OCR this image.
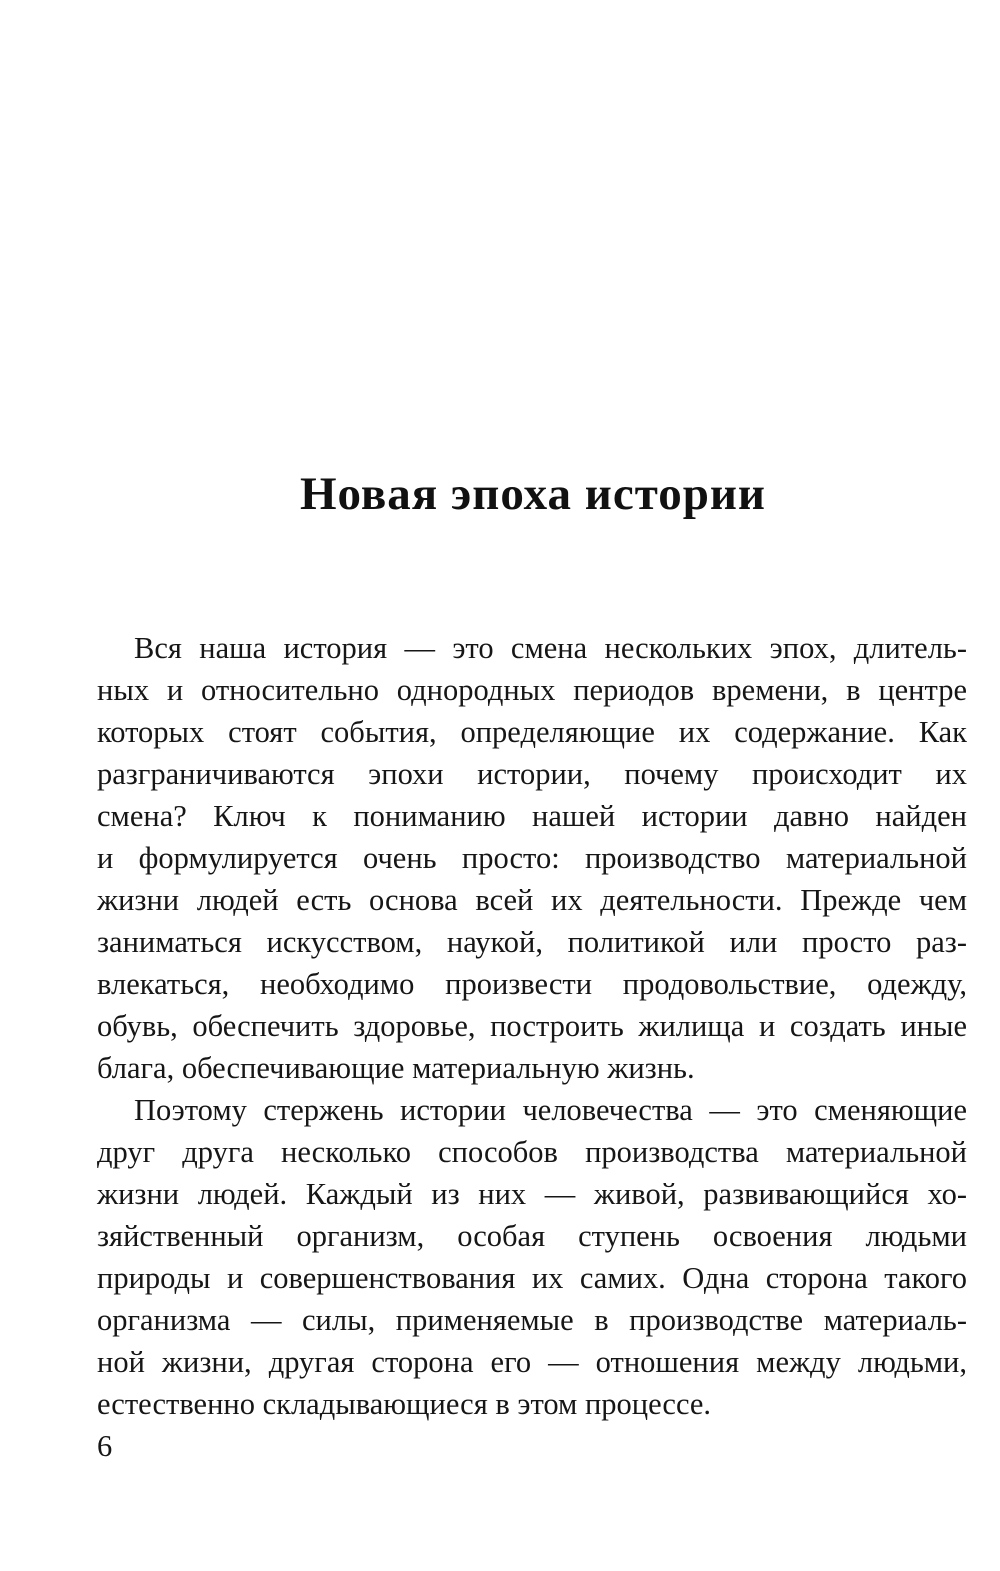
Новая эпоха истории
Вся наша история — это смена нескольких эпох, длитель-
ных и относительно однородных периодов времени, в центре
которых стоят события, определяющие их содержание. Как
разграничиваются эпохи истории, почему происходит их
смена? Ключ к пониманию нашей истории давно найден
и формулируется очень просто: производство материальной
жизни людей есть основа всей их деятельности. Прежде чем
заниматься искусством, наукой, политикой или просто раз-
влекаться, необходимо произвести продовольствие, одежду,
обувь, обеспечить здоровье, построить жилища и создать иные
блага, обеспечивающие материальную жизнь.
Поэтому стержень истории человечества — это сменяющие
друг друга несколько способов производства материальной
жизни людей. Каждый из них — живой, развивающийся хо-
зяйственный организм, особая ступень освоения людьми
природы и совершенствования их самих. Одна сторона такого
организма — силы, применяемые в производстве материаль-
ной жизни, другая сторона его — отношения между людьми,
естественно складывающиеся в этом процессе.

6
